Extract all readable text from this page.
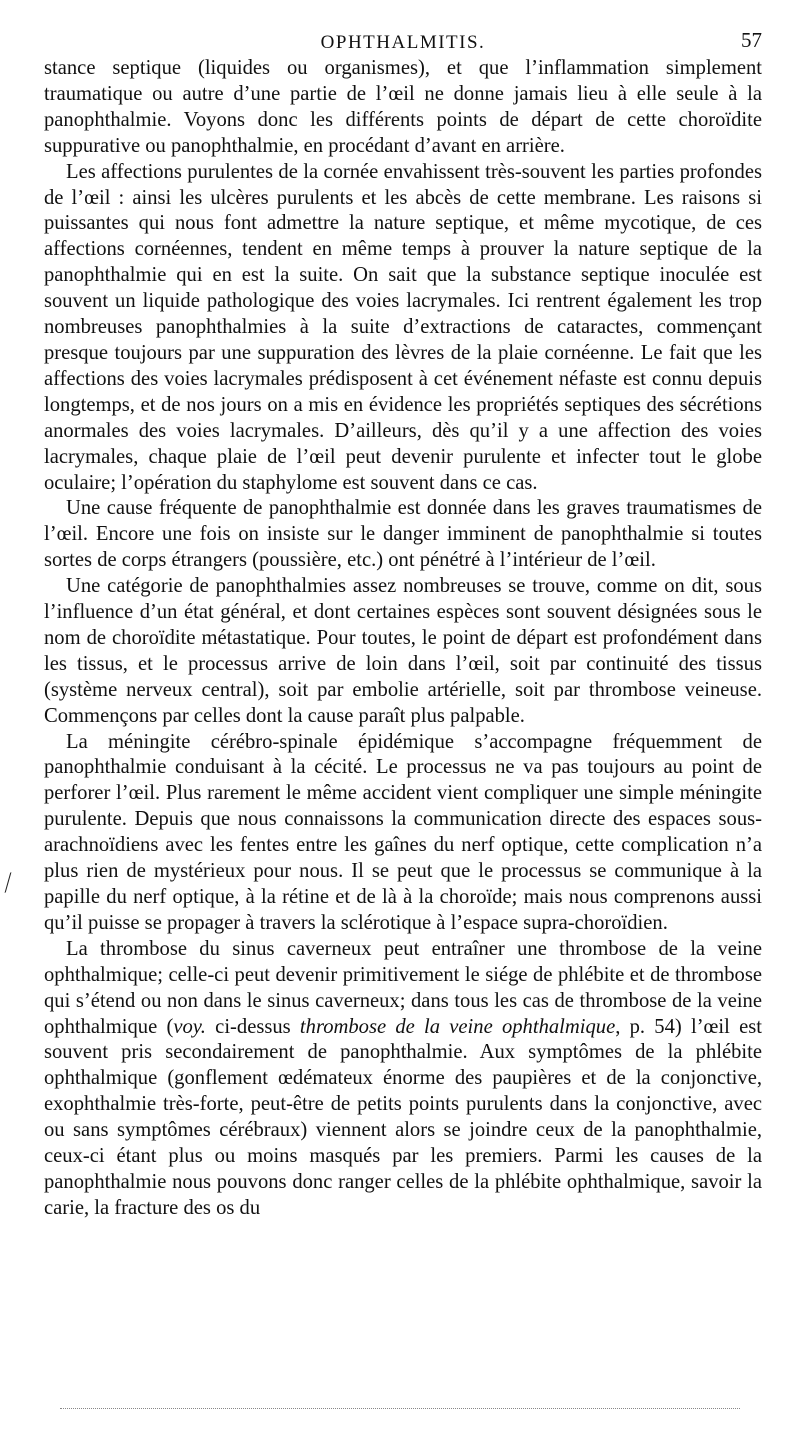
OPHTHALMITIS.	57

stance septique (liquides ou organismes), et que l’inflammation simplement traumatique ou autre d’une partie de l’œil ne donne jamais lieu à elle seule à la panophthalmie. Voyons donc les différents points de départ de cette choroïdite suppurative ou panophthalmie, en procédant d’avant en arrière.

Les affections purulentes de la cornée envahissent très-souvent les parties profondes de l’œil : ainsi les ulcères purulents et les abcès de cette membrane. Les raisons si puissantes qui nous font admettre la nature septique, et même mycotique, de ces affections cornéennes, tendent en même temps à prouver la nature septique de la panophthalmie qui en est la suite. On sait que la substance septique inoculée est souvent un liquide pathologique des voies lacrymales. Ici rentrent également les trop nombreuses panophthalmies à la suite d’extractions de cataractes, commençant presque toujours par une suppuration des lèvres de la plaie cornéenne. Le fait que les affections des voies lacrymales prédisposent à cet événement néfaste est connu depuis longtemps, et de nos jours on a mis en évidence les propriétés septiques des sécrétions anormales des voies lacrymales. D’ailleurs, dès qu’il y a une affection des voies lacrymales, chaque plaie de l’œil peut devenir purulente et infecter tout le globe oculaire; l’opération du staphylome est souvent dans ce cas.

Une cause fréquente de panophthalmie est donnée dans les graves traumatismes de l’œil. Encore une fois on insiste sur le danger imminent de panophthalmie si toutes sortes de corps étrangers (poussière, etc.) ont pénétré à l’intérieur de l’œil.

Une catégorie de panophthalmies assez nombreuses se trouve, comme on dit, sous l’influence d’un état général, et dont certaines espèces sont souvent désignées sous le nom de choroïdite métastatique. Pour toutes, le point de départ est profondément dans les tissus, et le processus arrive de loin dans l’œil, soit par continuité des tissus (système nerveux central), soit par embolie artérielle, soit par thrombose veineuse. Commençons par celles dont la cause paraît plus palpable.

La méningite cérébro-spinale épidémique s’accompagne fréquemment de panophthalmie conduisant à la cécité. Le processus ne va pas toujours au point de perforer l’œil. Plus rarement le même accident vient compliquer une simple méningite purulente. Depuis que nous connaissons la communication directe des espaces sous-arachnoïdiens avec les fentes entre les gaînes du nerf optique, cette complication n’a plus rien de mystérieux pour nous. Il se peut que le processus se communique à la papille du nerf optique, à la rétine et de là à la choroïde; mais nous comprenons aussi qu’il puisse se propager à travers la sclérotique à l’espace supra-choroïdien.

La thrombose du sinus caverneux peut entraîner une thrombose de la veine ophthalmique; celle-ci peut devenir primitivement le siége de phlébite et de thrombose qui s’étend ou non dans le sinus caverneux; dans tous les cas de thrombose de la veine ophthalmique (voy. ci-dessus thrombose de la veine ophthalmique, p. 54) l’œil est souvent pris secondairement de panophthalmie. Aux symptômes de la phlébite ophthalmique (gonflement œdémateux énorme des paupières et de la conjonctive, exophthalmie très-forte, peut-être de petits points purulents dans la conjonctive, avec ou sans symptômes cérébraux) viennent alors se joindre ceux de la panophthalmie, ceux-ci étant plus ou moins masqués par les premiers. Parmi les causes de la panophthalmie nous pouvons donc ranger celles de la phlébite ophthalmique, savoir la carie, la fracture des os du

⁄
